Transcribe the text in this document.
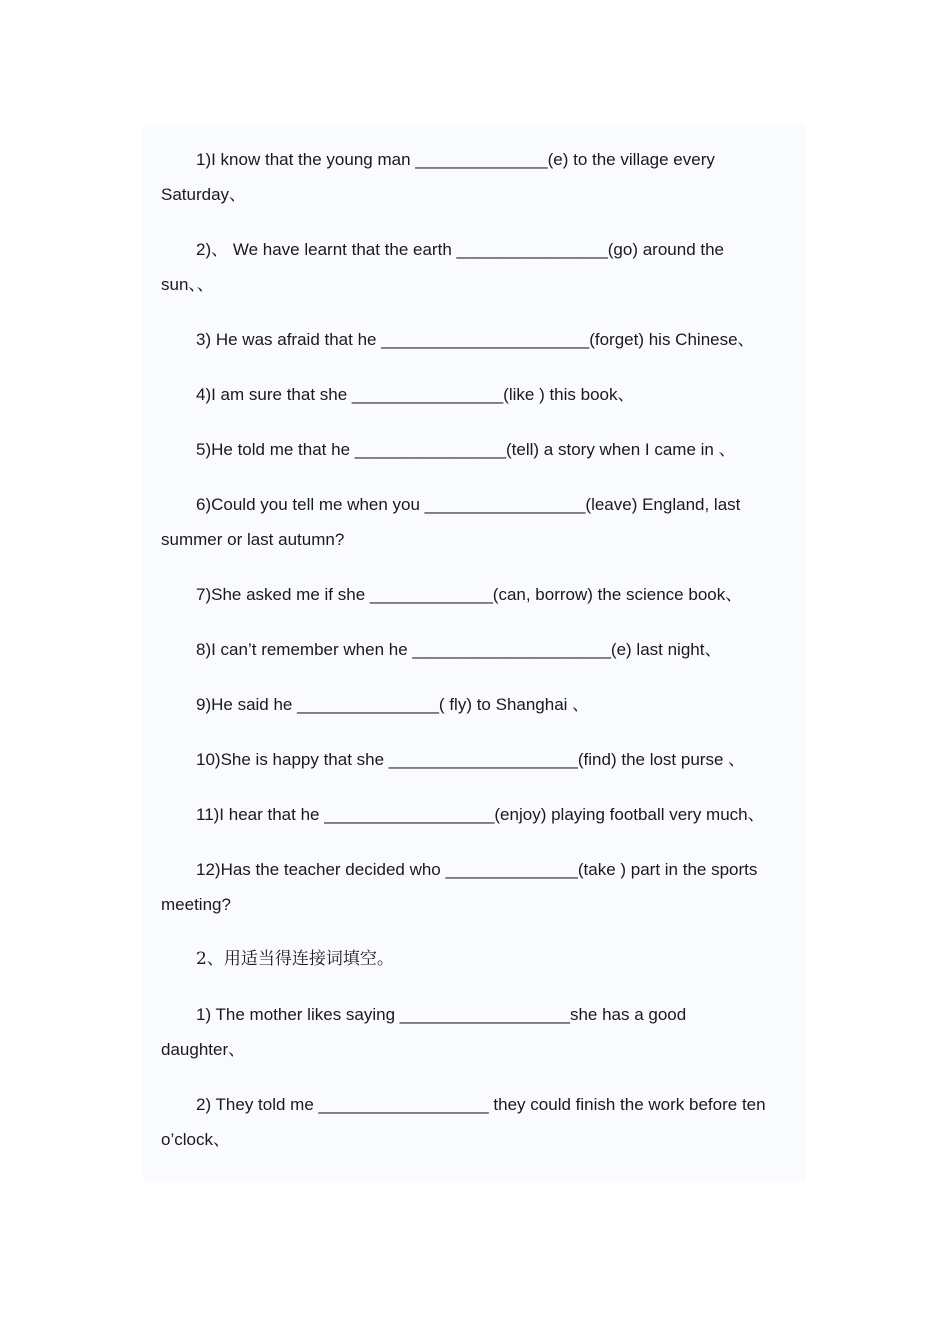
1)I know that the young man ______________(e) to the village every
Saturday、
2)、 We have learnt that the earth ________________(go) around the
sun、、
3) He was afraid that he ______________________(forget) his Chinese、
4)I am sure that she ________________(like ) this book、
5)He told me that he ________________(tell) a story when I came in 、
6)Could you tell me when you _________________(leave) England, last
summer or last autumn?
7)She asked me if she _____________(can, borrow) the science book、
8)I can’t remember when he _____________________(e) last night、
9)He said he _______________( fly) to Shanghai 、
10)She is happy that she ____________________(find) the lost purse 、
11)I hear that he __________________(enjoy) playing football very much、
12)Has the teacher decided who ______________(take ) part in the sports
meeting?
2、用适当得连接词填空。
1) The mother likes saying __________________she has a good
daughter、
2) They told me __________________ they could finish the work before ten
o’clock、
